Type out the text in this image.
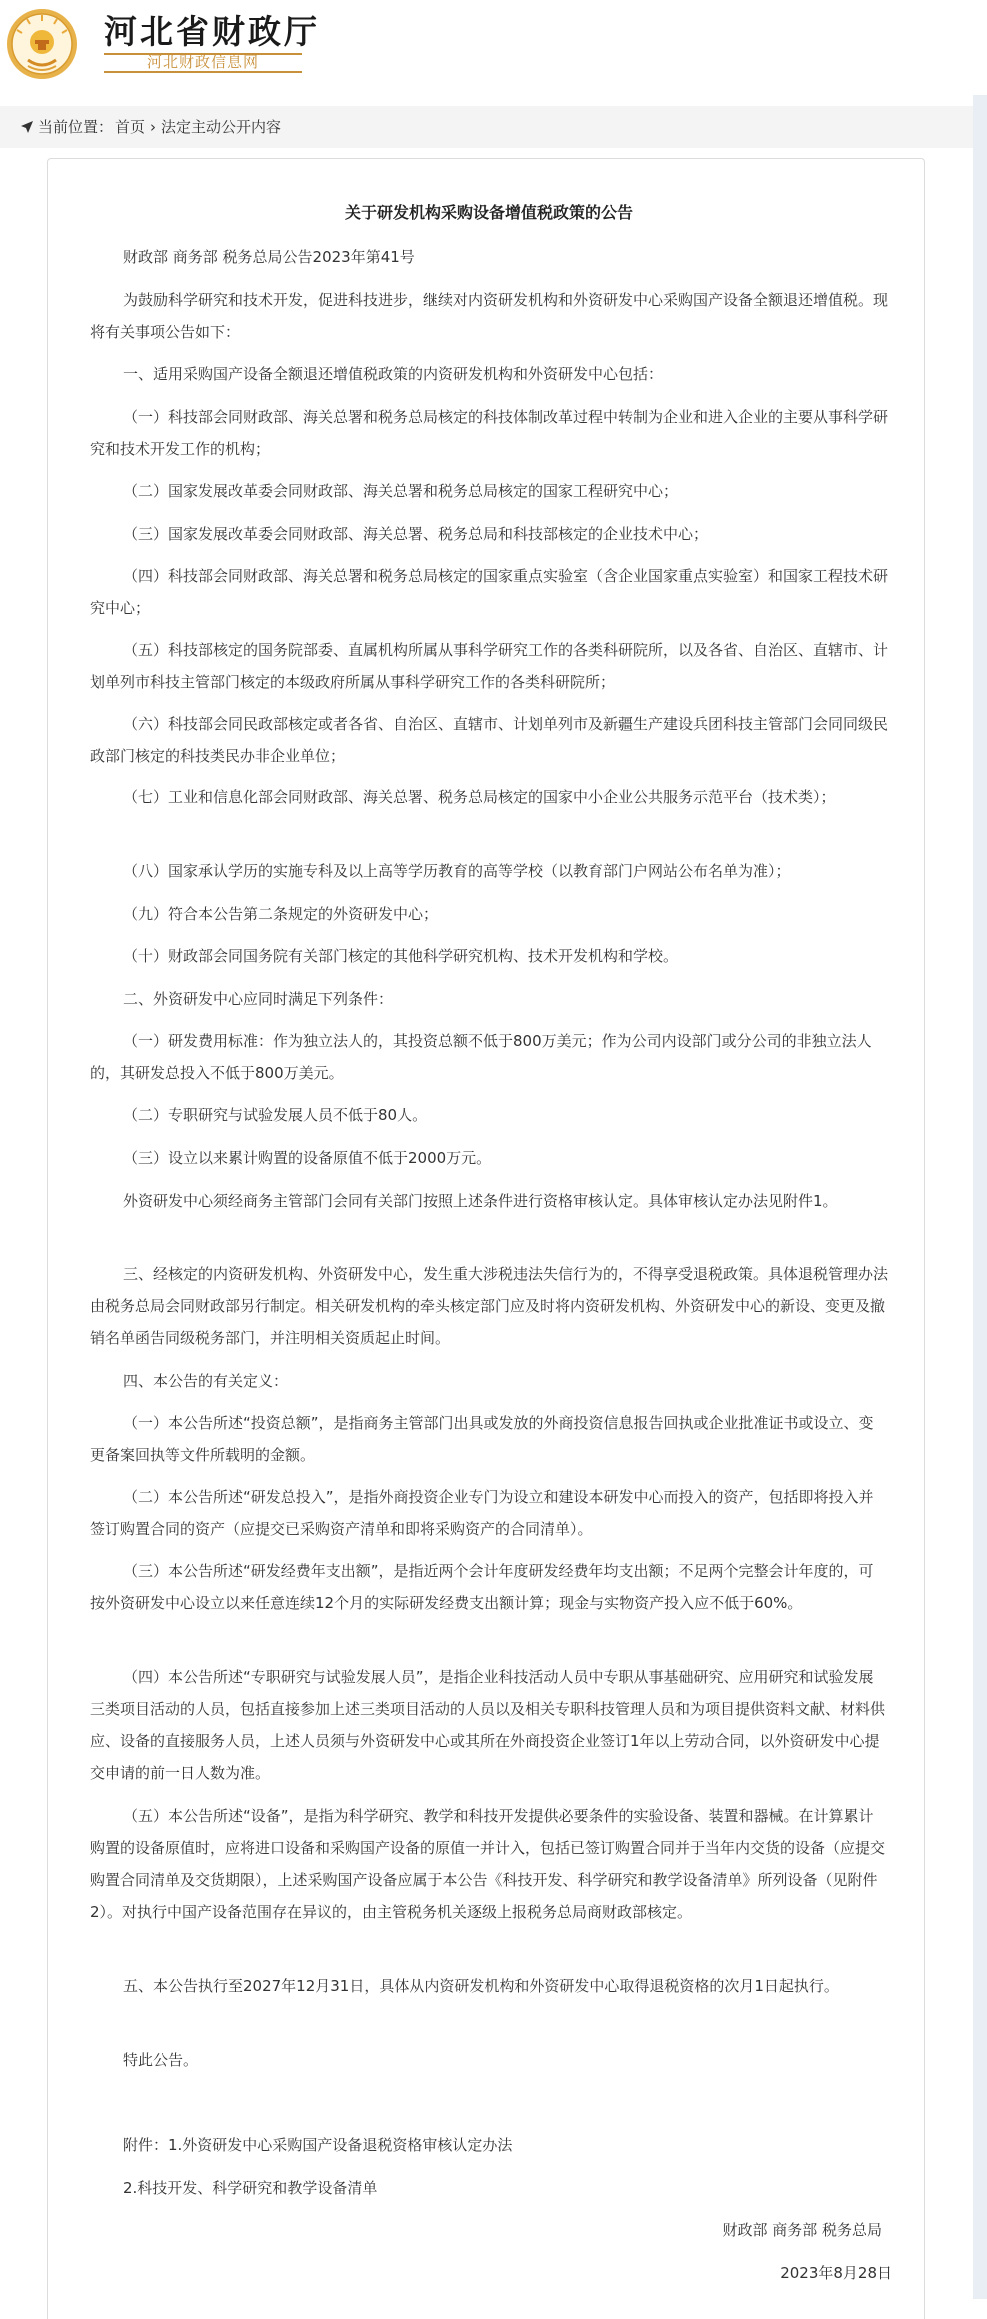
河北省财政厅
河北财政信息网
当前位置： 首页 › 法定主动公开内容
关于研发机构采购设备增值税政策的公告

财政部 商务部 税务总局公告2023年第41号

为鼓励科学研究和技术开发，促进科技进步，继续对内资研发机构和外资研发中心采购国产设备全额退还增值税。现将有关事项公告如下：

一、适用采购国产设备全额退还增值税政策的内资研发机构和外资研发中心包括：

（一）科技部会同财政部、海关总署和税务总局核定的科技体制改革过程中转制为企业和进入企业的主要从事科学研究和技术开发工作的机构；

（二）国家发展改革委会同财政部、海关总署和税务总局核定的国家工程研究中心；

（三）国家发展改革委会同财政部、海关总署、税务总局和科技部核定的企业技术中心；

（四）科技部会同财政部、海关总署和税务总局核定的国家重点实验室（含企业国家重点实验室）和国家工程技术研究中心；

（五）科技部核定的国务院部委、直属机构所属从事科学研究工作的各类科研院所，以及各省、自治区、直辖市、计划单列市科技主管部门核定的本级政府所属从事科学研究工作的各类科研院所；

（六）科技部会同民政部核定或者各省、自治区、直辖市、计划单列市及新疆生产建设兵团科技主管部门会同同级民政部门核定的科技类民办非企业单位；

（七）工业和信息化部会同财政部、海关总署、税务总局核定的国家中小企业公共服务示范平台（技术类）；

（八）国家承认学历的实施专科及以上高等学历教育的高等学校（以教育部门户网站公布名单为准）；

（九）符合本公告第二条规定的外资研发中心；

（十）财政部会同国务院有关部门核定的其他科学研究机构、技术开发机构和学校。

二、外资研发中心应同时满足下列条件：

（一）研发费用标准：作为独立法人的，其投资总额不低于800万美元；作为公司内设部门或分公司的非独立法人的，其研发总投入不低于800万美元。

（二）专职研究与试验发展人员不低于80人。

（三）设立以来累计购置的设备原值不低于2000万元。

外资研发中心须经商务主管部门会同有关部门按照上述条件进行资格审核认定。具体审核认定办法见附件1。

三、经核定的内资研发机构、外资研发中心，发生重大涉税违法失信行为的，不得享受退税政策。具体退税管理办法由税务总局会同财政部另行制定。相关研发机构的牵头核定部门应及时将内资研发机构、外资研发中心的新设、变更及撤销名单函告同级税务部门，并注明相关资质起止时间。

四、本公告的有关定义：

（一）本公告所述“投资总额”，是指商务主管部门出具或发放的外商投资信息报告回执或企业批准证书或设立、变更备案回执等文件所载明的金额。

（二）本公告所述“研发总投入”，是指外商投资企业专门为设立和建设本研发中心而投入的资产，包括即将投入并签订购置合同的资产（应提交已采购资产清单和即将采购资产的合同清单）。

（三）本公告所述“研发经费年支出额”，是指近两个会计年度研发经费年均支出额；不足两个完整会计年度的，可按外资研发中心设立以来任意连续12个月的实际研发经费支出额计算；现金与实物资产投入应不低于60%。

（四）本公告所述“专职研究与试验发展人员”，是指企业科技活动人员中专职从事基础研究、应用研究和试验发展三类项目活动的人员，包括直接参加上述三类项目活动的人员以及相关专职科技管理人员和为项目提供资料文献、材料供应、设备的直接服务人员，上述人员须与外资研发中心或其所在外商投资企业签订1年以上劳动合同，以外资研发中心提交申请的前一日人数为准。

（五）本公告所述“设备”，是指为科学研究、教学和科技开发提供必要条件的实验设备、装置和器械。在计算累计购置的设备原值时，应将进口设备和采购国产设备的原值一并计入，包括已签订购置合同并于当年内交货的设备（应提交购置合同清单及交货期限），上述采购国产设备应属于本公告《科技开发、科学研究和教学设备清单》所列设备（见附件2）。对执行中国产设备范围存在异议的，由主管税务机关逐级上报税务总局商财政部核定。

五、本公告执行至2027年12月31日，具体从内资研发机构和外资研发中心取得退税资格的次月1日起执行。

特此公告。

附件：1.外资研发中心采购国产设备退税资格审核认定办法

2.科技开发、科学研究和教学设备清单

财政部 商务部 税务总局

2023年8月28日
